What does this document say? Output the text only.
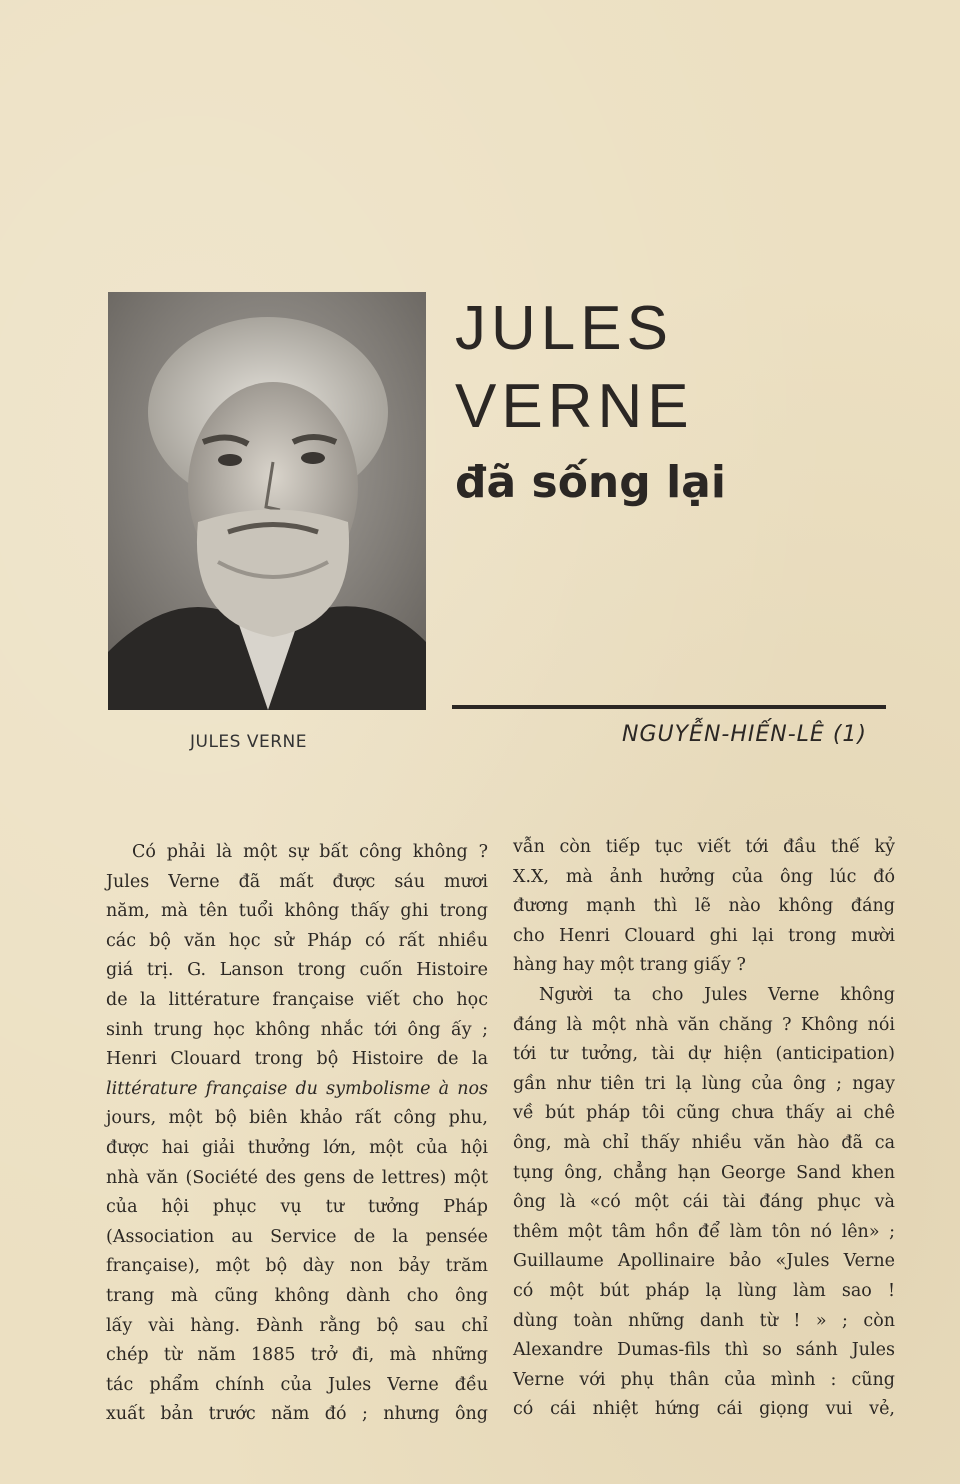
JULES VERNE
JULES
VERNE
đã sống lại
NGUYỄN-HIẾN-LÊ (1)
Có phải là một sự bất công không ?
Jules Verne đã mất được sáu mươi
năm, mà tên tuổi không thấy ghi trong
các bộ văn học sử Pháp có rất nhiều
giá trị. G. Lanson trong cuốn Histoire
de la littérature française viết cho học
sinh trung học không nhắc tới ông ấy ;
Henri Clouard trong bộ Histoire de la
littérature française du symbolisme à nos
jours, một bộ biên khảo rất công phu,
được hai giải thưởng lớn, một của hội
nhà văn (Société des gens de lettres) một
của hội phục vụ tư tưởng Pháp
(Association au Service de la pensée
française), một bộ dày non bảy trăm
trang mà cũng không dành cho ông
lấy vài hàng. Đành rằng bộ sau chỉ
chép từ năm 1885 trở đi, mà những
tác phẩm chính của Jules Verne đều
xuất bản trước năm đó ; nhưng ông
vẫn còn tiếp tục viết tới đầu thế kỷ
X.X, mà ảnh hưởng của ông lúc đó
đương mạnh thì lẽ nào không đáng
cho Henri Clouard ghi lại trong mười
hàng hay một trang giấy ?
Người ta cho Jules Verne không
đáng là một nhà văn chăng ? Không nói
tới tư tưởng, tài dự hiện (anticipation)
gần như tiên tri lạ lùng của ông ; ngay
về bút pháp tôi cũng chưa thấy ai chê
ông, mà chỉ thấy nhiều văn hào đã ca
tụng ông, chẳng hạn George Sand khen
ông là «có một cái tài đáng phục và
thêm một tâm hồn để làm tôn nó lên» ;
Guillaume Apollinaire bảo «Jules Verne
có một bút pháp lạ lùng làm sao !
dùng toàn những danh từ ! » ; còn
Alexandre Dumas-fils thì so sánh Jules
Verne với phụ thân của mình : cũng
có cái nhiệt hứng cái giọng vui vẻ,
